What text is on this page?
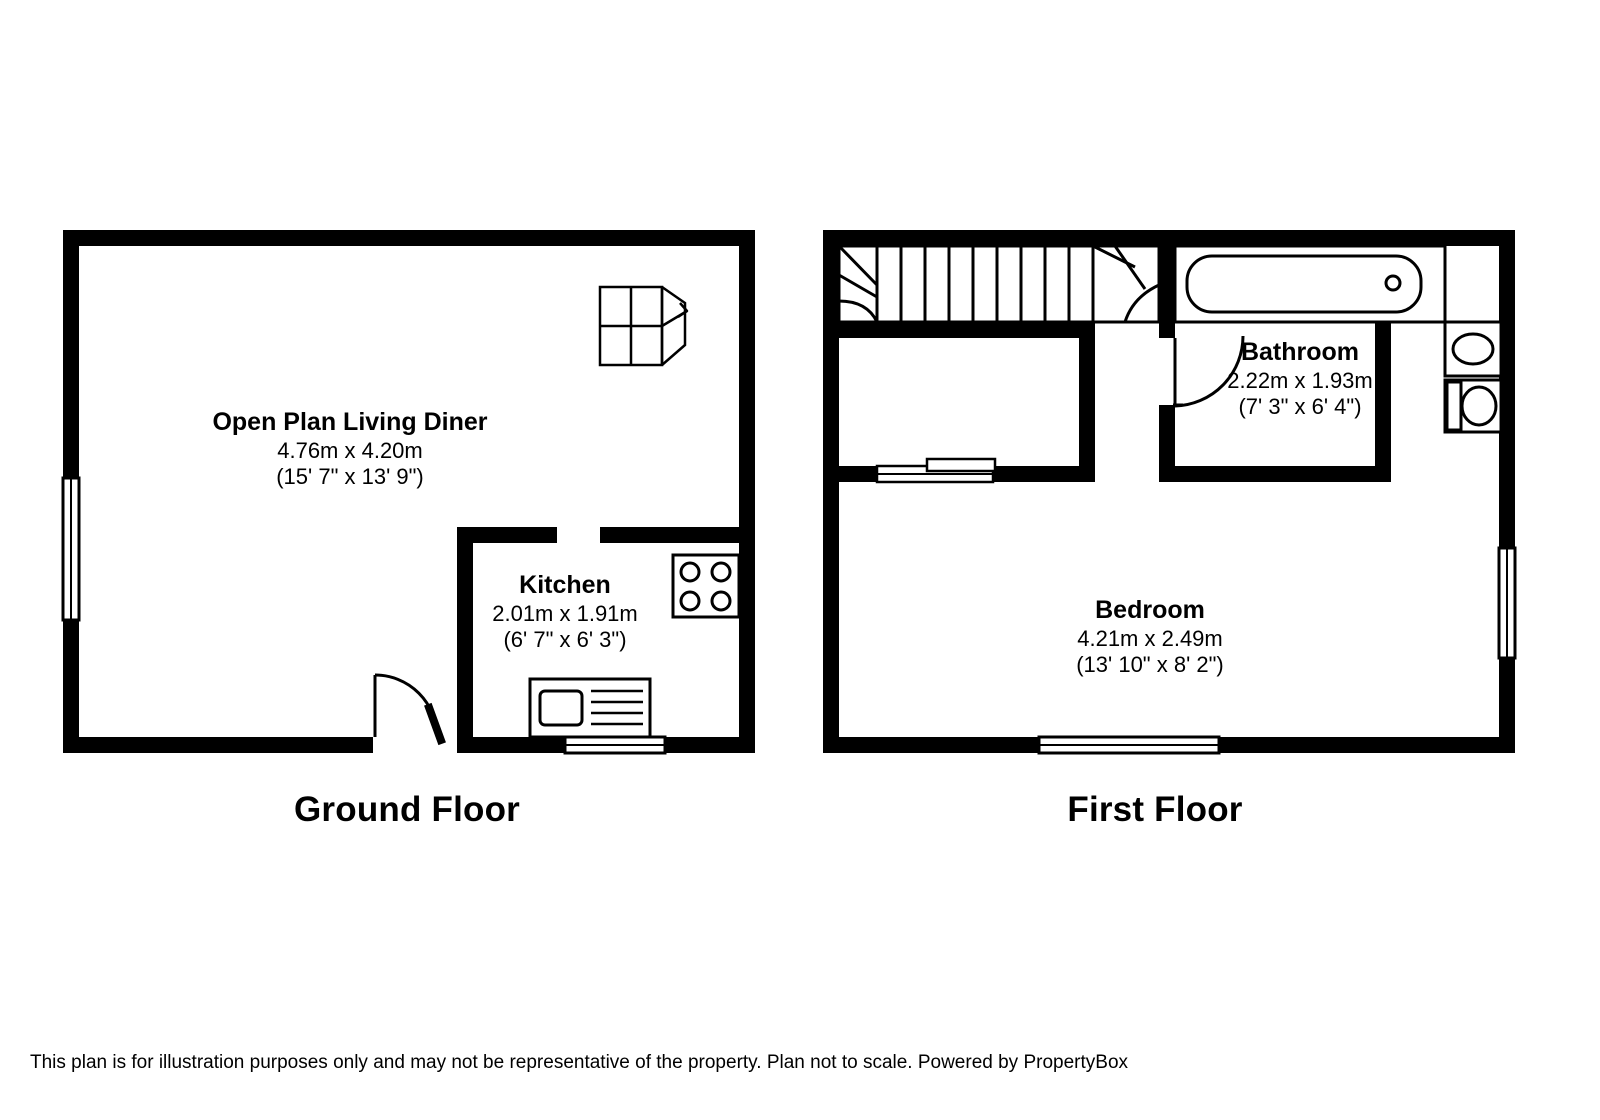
Open Plan Living Diner
4.76m x 4.20m
(15' 7" x 13' 9")
Kitchen
2.01m x 1.91m
(6' 7" x 6' 3")
Ground Floor
Bathroom
2.22m x 1.93m
(7' 3" x 6' 4")
Bedroom
4.21m x 2.49m
(13' 10" x 8' 2")
First Floor
This plan is for illustration purposes only and may not be representative of the property. Plan not to scale. Powered by PropertyBox
